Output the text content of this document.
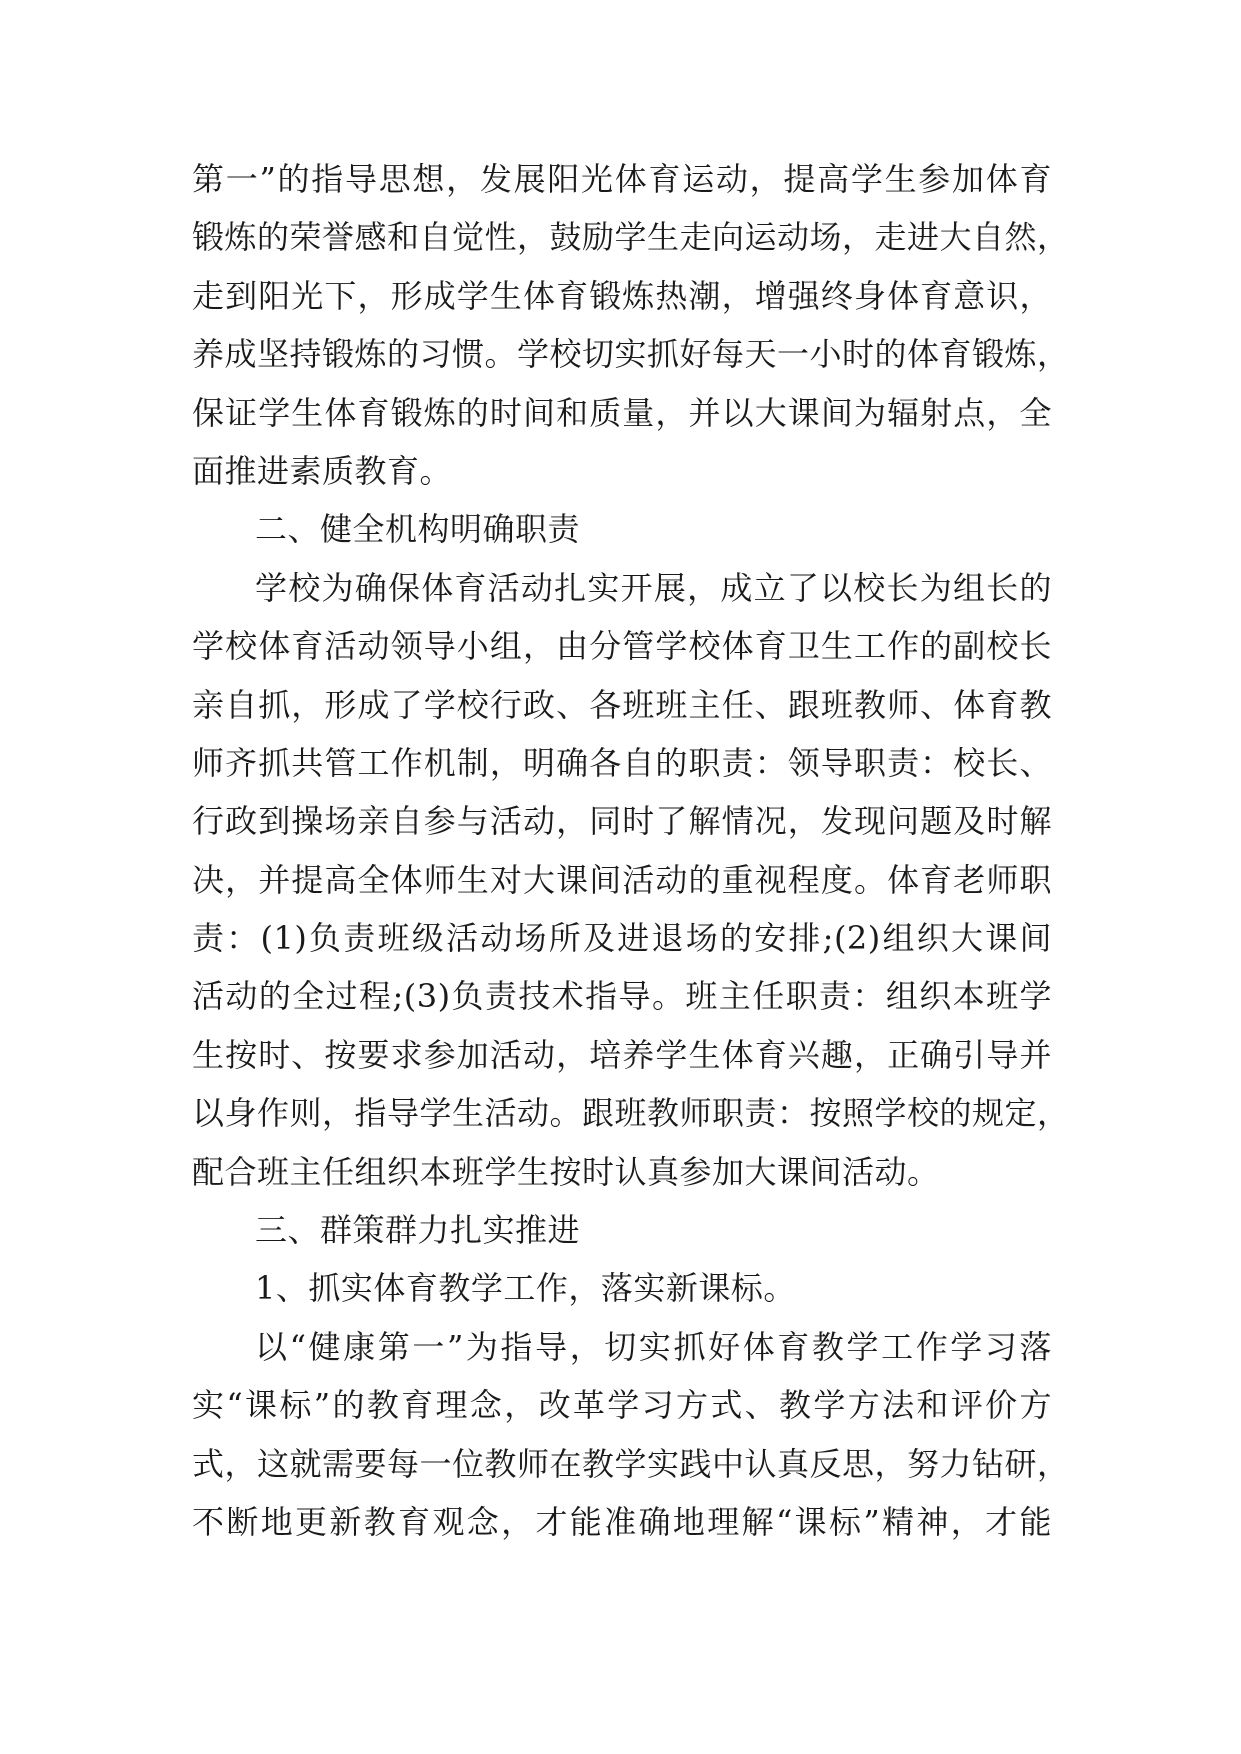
第一”的指导思想，发展阳光体育运动，提高学生参加体育
锻炼的荣誉感和自觉性，鼓励学生走向运动场，走进大自然，
走到阳光下，形成学生体育锻炼热潮，增强终身体育意识，
养成坚持锻炼的习惯。学校切实抓好每天一小时的体育锻炼，
保证学生体育锻炼的时间和质量，并以大课间为辐射点，全
面推进素质教育。
二、健全机构明确职责
学校为确保体育活动扎实开展，成立了以校长为组长的
学校体育活动领导小组，由分管学校体育卫生工作的副校长
亲自抓，形成了学校行政、各班班主任、跟班教师、体育教
师齐抓共管工作机制，明确各自的职责：领导职责：校长、
行政到操场亲自参与活动，同时了解情况，发现问题及时解
决，并提高全体师生对大课间活动的重视程度。体育老师职
责：(1)负责班级活动场所及进退场的安排;(2)组织大课间
活动的全过程;(3)负责技术指导。班主任职责：组织本班学
生按时、按要求参加活动，培养学生体育兴趣，正确引导并
以身作则，指导学生活动。跟班教师职责：按照学校的规定，
配合班主任组织本班学生按时认真参加大课间活动。
三、群策群力扎实推进
1、抓实体育教学工作，落实新课标。
以“健康第一”为指导，切实抓好体育教学工作学习落
实“课标”的教育理念，改革学习方式、教学方法和评价方
式，这就需要每一位教师在教学实践中认真反思，努力钻研，
不断地更新教育观念，才能准确地理解“课标”精神，才能
